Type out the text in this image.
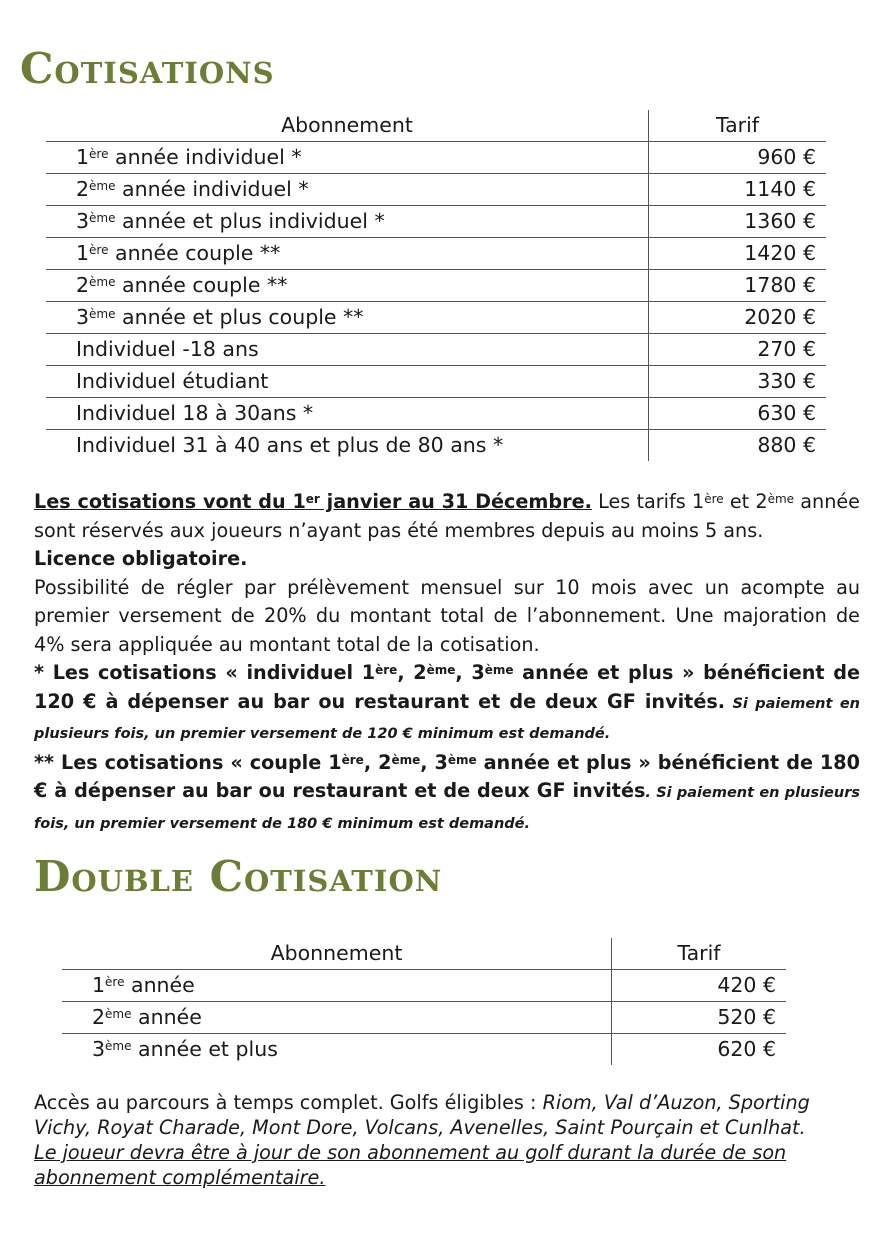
Cotisations
Abonnement	Tarif
1ère année individuel *	960 €
2ème année individuel *	1140 €
3ème année et plus individuel *	1360 €
1ère année couple **	1420 €
2ème année couple **	1780 €
3ème année et plus couple **	2020 €
Individuel -18 ans	270 €
Individuel étudiant	330 €
Individuel 18 à 30ans *	630 €
Individuel 31 à 40 ans et plus de 80 ans *	880 €
Les cotisations vont du 1er janvier au 31 Décembre. Les tarifs 1ère et 2ème année sont réservés aux joueurs n’ayant pas été membres depuis au moins 5 ans.
Licence obligatoire.
Possibilité de régler par prélèvement mensuel sur 10 mois avec un acompte au premier versement de 20% du montant total de l’abonnement. Une majoration de 4% sera appliquée au montant total de la cotisation.
* Les cotisations « individuel 1ère, 2ème, 3ème année et plus » bénéficient de 120 € à dépenser au bar ou restaurant et de deux GF invités. Si paiement en plusieurs fois, un premier versement de 120 € minimum est demandé.
** Les cotisations « couple 1ère, 2ème, 3ème année et plus » bénéficient de 180 € à dépenser au bar ou restaurant et de deux GF invités. Si paiement en plusieurs fois, un premier versement de 180 € minimum est demandé.
Double Cotisation
Abonnement	Tarif
1ère année	420 €
2ème année	520 €
3ème année et plus	620 €
Accès au parcours à temps complet. Golfs éligibles : Riom, Val d’Auzon, Sporting Vichy, Royat Charade, Mont Dore, Volcans, Avenelles, Saint Pourçain et Cunlhat.
Le joueur devra être à jour de son abonnement au golf durant la durée de son abonnement complémentaire.
